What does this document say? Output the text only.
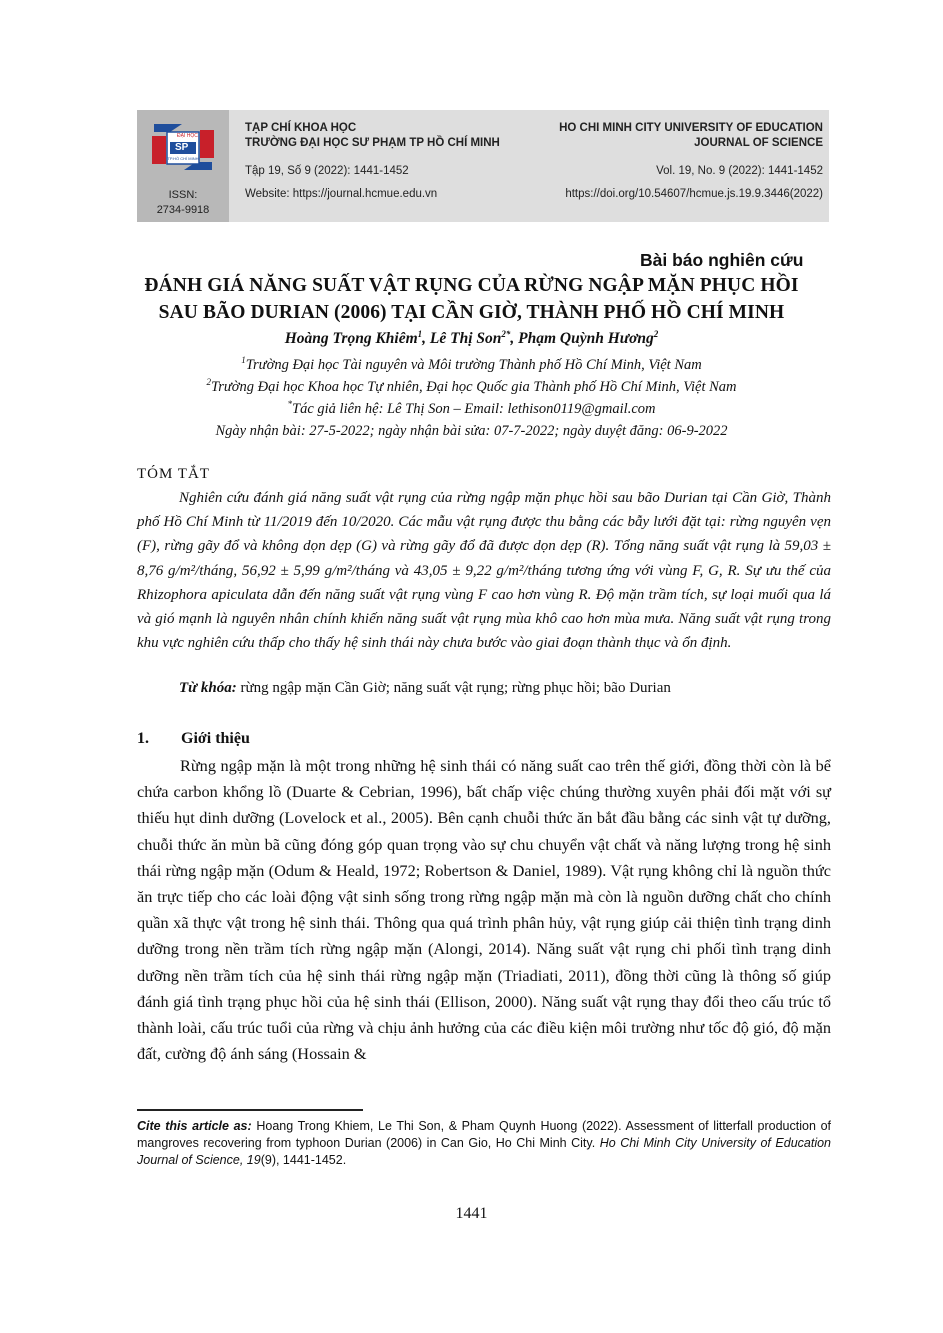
ĐẠI HỌC
SP
TP.HỒ CHÍ MINH
ISSN:
2734-9918
TẠP CHÍ KHOA HỌC
TRƯỜNG ĐẠI HỌC SƯ PHẠM TP HỒ CHÍ MINH
Tập 19, Số 9 (2022): 1441-1452
Website: https://journal.hcmue.edu.vn
HO CHI MINH CITY UNIVERSITY OF EDUCATION
JOURNAL OF SCIENCE
Vol. 19, No. 9 (2022): 1441-1452
https://doi.org/10.54607/hcmue.js.19.9.3446(2022)
Bài báo nghiên cứu
ĐÁNH GIÁ NĂNG SUẤT VẬT RỤNG CỦA RỪNG NGẬP MẶN PHỤC HỒI
SAU BÃO DURIAN (2006) TẠI CẦN GIỜ, THÀNH PHỐ HỒ CHÍ MINH
Hoàng Trọng Khiêm$^1$, Lê Thị Son$^{2*}$, Phạm Quỳnh Hương$^2$
$^1$Trường Đại học Tài nguyên và Môi trường Thành phố Hồ Chí Minh, Việt Nam
$^2$Trường Đại học Khoa học Tự nhiên, Đại học Quốc gia Thành phố Hồ Chí Minh, Việt Nam
*Tác giả liên hệ: Lê Thị Son – Email: lethison0119@gmail.com
Ngày nhận bài: 27-5-2022; ngày nhận bài sửa: 07-7-2022; ngày duyệt đăng: 06-9-2022
TÓM TẮT

Nghiên cứu đánh giá năng suất vật rụng của rừng ngập mặn phục hồi sau bão Durian tại Cần Giờ, Thành phố Hồ Chí Minh từ 11/2019 đến 10/2020. Các mẫu vật rụng được thu bằng các bẫy lưới đặt tại: rừng nguyên vẹn (F), rừng gãy đổ và không dọn dẹp (G) và rừng gãy đổ đã được dọn dẹp (R). Tổng năng suất vật rụng là 59,03 ± 8,76 g/m²/tháng, 56,92 ± 5,99 g/m²/tháng và 43,05 ± 9,22 g/m²/tháng tương ứng với vùng F, G, R. Sự ưu thế của Rhizophora apiculata dẫn đến năng suất vật rụng vùng F cao hơn vùng R. Độ mặn trầm tích, sự loại muối qua lá và gió mạnh là nguyên nhân chính khiến năng suất vật rụng mùa khô cao hơn mùa mưa. Năng suất vật rụng trong khu vực nghiên cứu thấp cho thấy hệ sinh thái này chưa bước vào giai đoạn thành thục và ổn định.

Từ khóa: rừng ngập mặn Cần Giờ; năng suất vật rụng; rừng phục hồi; bão Durian
1. Giới thiệu

Rừng ngập mặn là một trong những hệ sinh thái có năng suất cao trên thế giới, đồng thời còn là bể chứa carbon khổng lồ (Duarte & Cebrian, 1996), bất chấp việc chúng thường xuyên phải đối mặt với sự thiếu hụt dinh dưỡng (Lovelock et al., 2005). Bên cạnh chuỗi thức ăn bắt đầu bằng các sinh vật tự dưỡng, chuỗi thức ăn mùn bã cũng đóng góp quan trọng vào sự chu chuyển vật chất và năng lượng trong hệ sinh thái rừng ngập mặn (Odum & Heald, 1972; Robertson & Daniel, 1989). Vật rụng không chỉ là nguồn thức ăn trực tiếp cho các loài động vật sinh sống trong rừng ngập mặn mà còn là nguồn dưỡng chất cho chính quần xã thực vật trong hệ sinh thái. Thông qua quá trình phân hủy, vật rụng giúp cải thiện tình trạng dinh dưỡng trong nền trầm tích rừng ngập mặn (Alongi, 2014). Năng suất vật rụng chi phối tình trạng dinh dưỡng nền trầm tích của hệ sinh thái rừng ngập mặn (Triadiati, 2011), đồng thời cũng là thông số giúp đánh giá tình trạng phục hồi của hệ sinh thái (Ellison, 2000). Năng suất vật rụng thay đổi theo cấu trúc tổ thành loài, cấu trúc tuổi của rừng và chịu ảnh hưởng của các điều kiện môi trường như tốc độ gió, độ mặn đất, cường độ ánh sáng (Hossain &

Cite this article as: Hoang Trong Khiem, Le Thi Son, & Pham Quynh Huong (2022). Assessment of litterfall production of mangroves recovering from typhoon Durian (2006) in Can Gio, Ho Chi Minh City. Ho Chi Minh City University of Education Journal of Science, 19(9), 1441-1452.

1441
